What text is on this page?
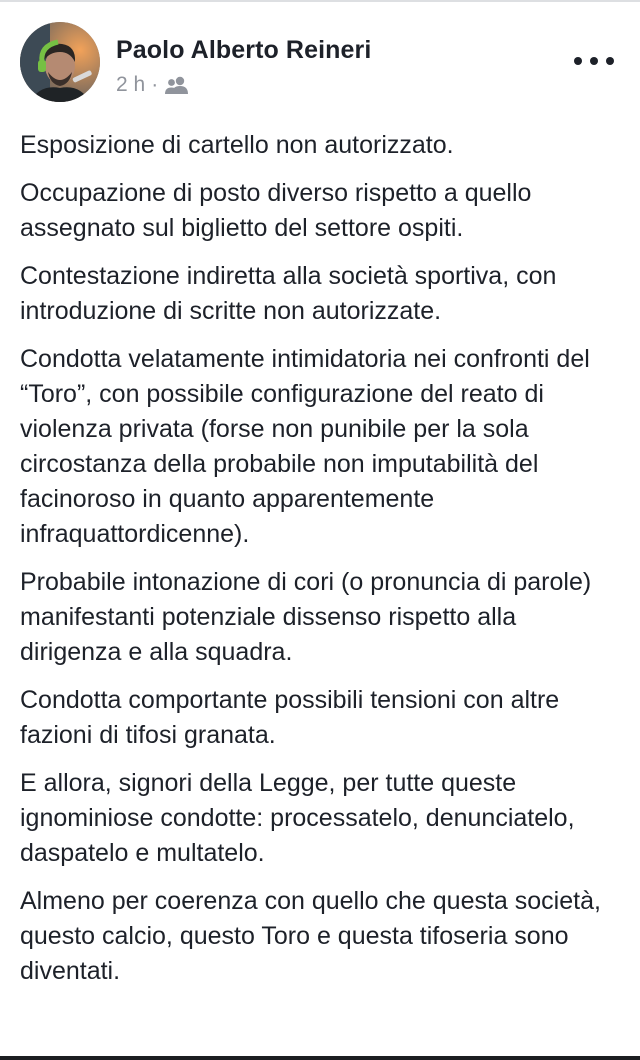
Paolo Alberto Reineri
2 h ·

Esposizione di cartello non autorizzato.

Occupazione di posto diverso rispetto a quello assegnato sul biglietto del settore ospiti.

Contestazione indiretta alla società sportiva, con introduzione di scritte non autorizzate.

Condotta velatamente intimidatoria nei confronti del “Toro”, con possibile configurazione del reato di violenza privata (forse non punibile per la sola circostanza della probabile non imputabilità del facinoroso in quanto apparentemente infraquattordicenne).

Probabile intonazione di cori (o pronuncia di parole) manifestanti potenziale dissenso rispetto alla dirigenza e alla squadra.

Condotta comportante possibili tensioni con altre fazioni di tifosi granata.

E allora, signori della Legge, per tutte queste ignominiose condotte: processatelo, denunciatelo, daspatelo e multatelo.

Almeno per coerenza con quello che questa società, questo calcio, questo Toro e questa tifoseria sono diventati.
